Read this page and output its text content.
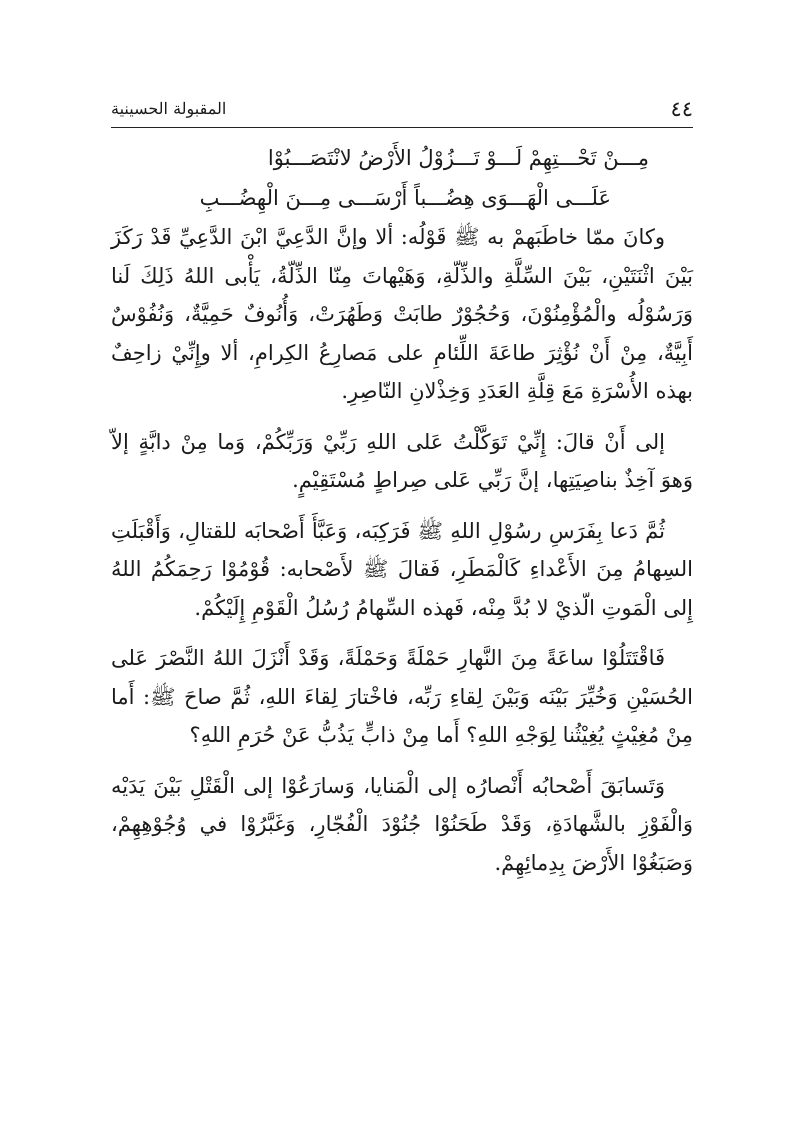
٤٤
المقبولة الحسينية
مِـــنْ تَحْـــتِهِمْ لَـــوْ تَـــزُوْلُ الأَرْضُ لانْتَصَـــبُوْا
عَلَـــى الْهَـــوَى هِضُـــباً أَرْسَـــى مِـــنَ الْهِضُـــبِ

وكانَ ممّا خاطَبَهمْ به ﷺ قَوْلُه: ألا وإنَّ الدَّعِيَّ ابْنَ الدَّعِيِّ قَدْ رَكَزَ بَيْنَ اثْنَتَيْنِ، بَيْنَ السِّلَّةِ والذِّلّةِ، وَهَيْهاتَ مِنّا الذِّلّةُ، يَأْبى اللهُ ذَلِكَ لَنا وَرَسُوْلُه والْمُؤْمِنُوْنَ، وَحُجُوْرٌ طابَتْ وَطَهُرَتْ، وَأُنُوفٌ حَمِيَّةٌ، وَنُفُوْسٌ أَبِيَّةٌ، مِنْ أَنْ نُؤْثِرَ طاعَةَ اللِّئامِ على مَصارِعُ الكِرامِ، ألا وإِنِّيْ زاحِفٌ بهذه الأُسْرَةِ مَعَ قِلَّةِ العَدَدِ وَخِذْلانِ النّاصِرِ.

إلى أَنْ قالَ: إِنِّيْ تَوَكَّلْتُ عَلى اللهِ رَبِّيْ وَرَبِّكُمْ، وَما مِنْ دابَّةٍ إلاّ وَهوَ آخِذٌ بناصِيَتِها، إنَّ رَبِّي عَلى صِراطٍ مُسْتَقِيْمٍ.

ثُمَّ دَعا بِفَرَسِ رسُوْلِ اللهِ ﷺ فَرَكِبَه، وَعَبَّأَ أَصْحابَه للقتالِ، وَأَقْبَلَتِ السِهامُ مِنَ الأَعْداءِ كَالْمَطَرِ، فَقالَ ﷺ لأَصْحابه: قُوْمُوْا رَحِمَكُمُ اللهُ إِلى الْمَوتِ الّذيْ لا بُدَّ مِنْه، فَهذه السِّهامُ رُسُلُ الْقَوْمِ إِلَيْكُمْ.

فَاقْتَتَلُوْا ساعَةً مِنَ النَّهارِ حَمْلَةً وَحَمْلَةً، وَقَدْ أَنْزَلَ اللهُ النَّصْرَ عَلى الحُسَيْنِ وَخُيِّرَ بَيْنَه وَبَيْنَ لِقاءِ رَبِّه، فاخْتارَ لِقاءَ اللهِ، ثُمَّ صاحَ ﷺ: أَما مِنْ مُغِيْثٍ يُغِيْثُنا لِوَجْهِ اللهِ؟ أَما مِنْ ذابٍّ يَذُبُّ عَنْ حُرَمِ اللهِ؟

وَتَسابَقَ أَصْحابُه أَنْصارُه إلى الْمَنايا، وَسارَعُوْا إلى الْقَتْلِ بَيْنَ يَدَيْه وَالْفَوْزِ بالشَّهادَةِ، وَقَدْ طَحَنُوْا جُنُوْدَ الْفُجّارِ، وَغَبَّرُوْا في وُجُوْهِهِمْ، وَصَبَغُوْا الأَرْضَ بِدِمائِهِمْ.
